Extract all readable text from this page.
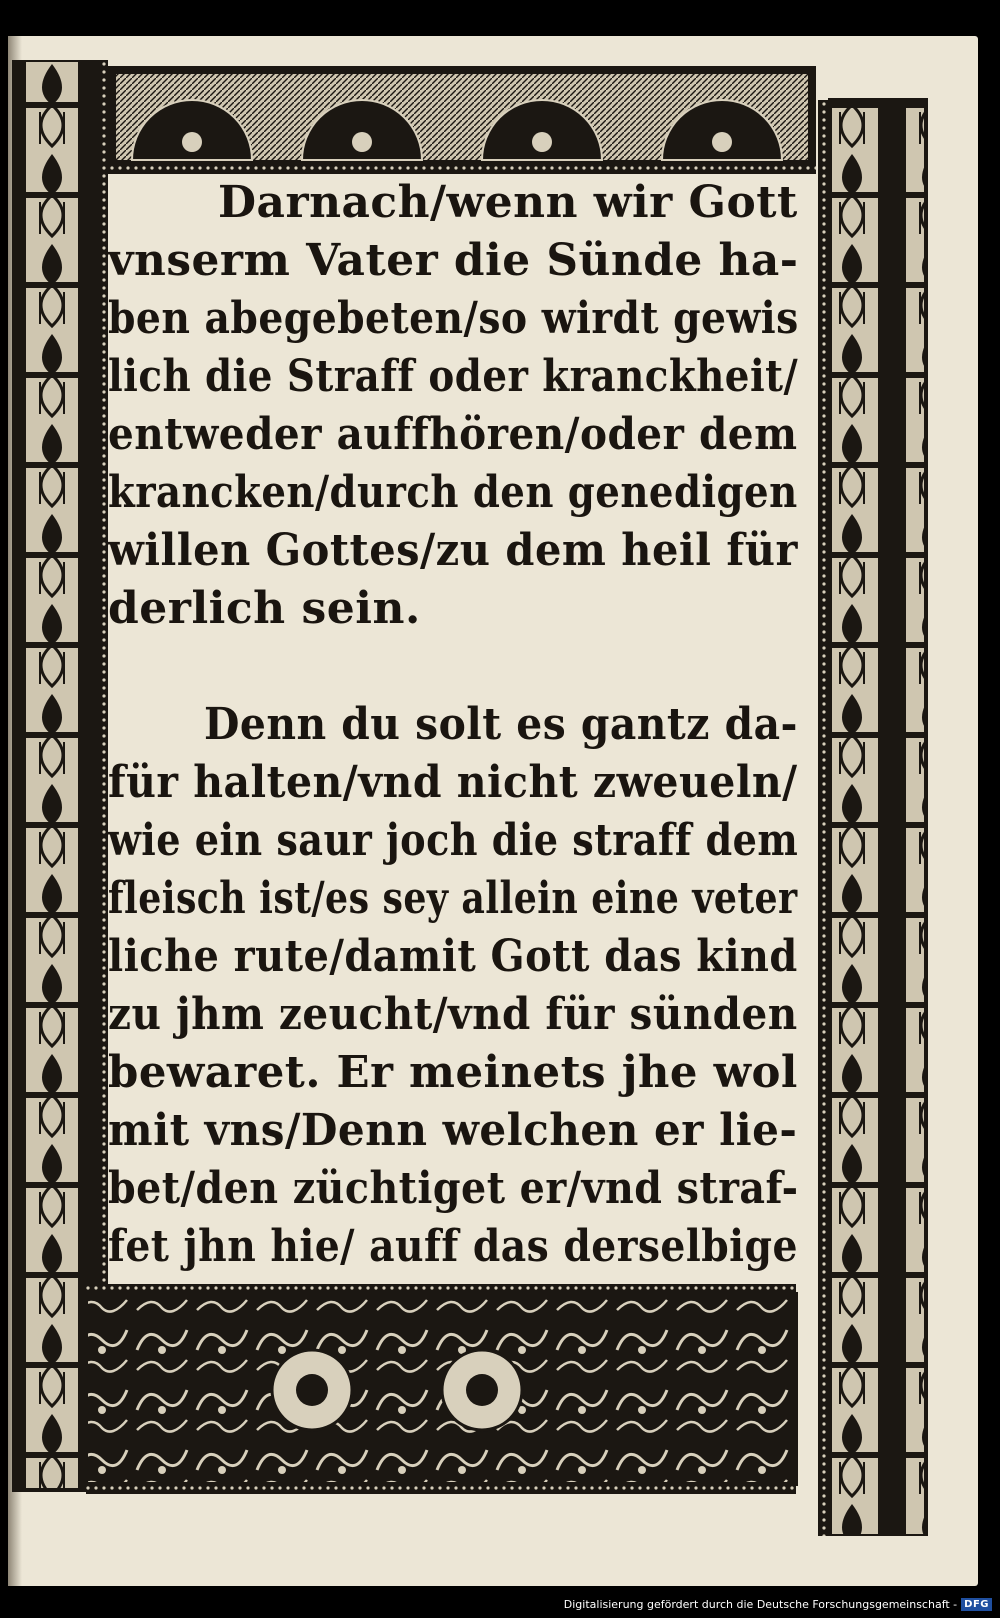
Darnach/wenn wir Gott
vnserm Vater die Sünde ha-
ben abegebeten/so wirdt gewis
lich die Straff oder kranckheit/
entweder auffhören/oder dem
krancken/durch den genedigen
willen Gottes/zu dem heil für
derlich sein.
Denn du solt es gantz da-
für halten/vnd nicht zweueln/
wie ein saur joch die straff dem
fleisch ist/es sey allein eine veter
liche rute/damit Gott das kind
zu jhm zeucht/vnd für sünden
bewaret. Er meinets jhe wol
mit vns/Denn welchen er lie-
bet/den züchtiget er/vnd straf-
fet jhn hie/ auff das derselbige
Digitalisierung gefördert durch die Deutsche Forschungsgemeinschaft - DFG
